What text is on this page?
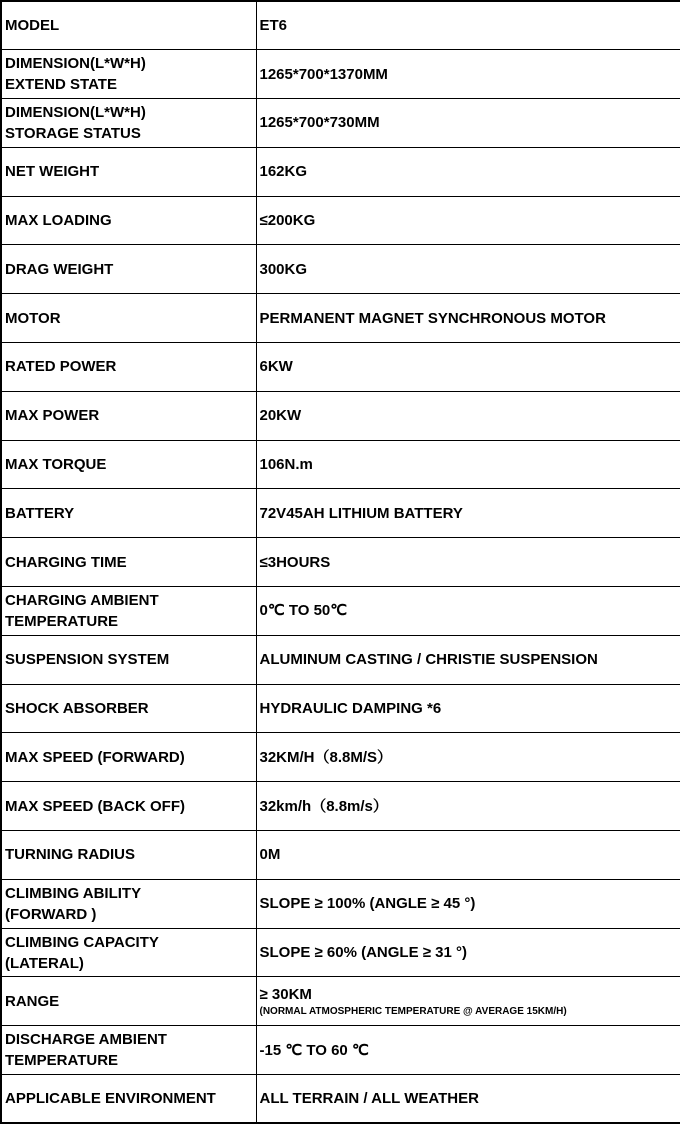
MODEL	ET6

DIMENSION(L*W*H)
EXTEND STATE	1265*700*1370MM

DIMENSION(L*W*H)
STORAGE STATUS	1265*700*730MM

NET WEIGHT	162KG

MAX LOADING	≤200KG

DRAG WEIGHT	300KG

MOTOR	PERMANENT MAGNET SYNCHRONOUS MOTOR

RATED POWER	6KW

MAX POWER	20KW

MAX TORQUE	106N.m

BATTERY	72V45AH LITHIUM BATTERY

CHARGING TIME	≤3HOURS

CHARGING AMBIENT
TEMPERATURE	0℃ TO 50℃

SUSPENSION SYSTEM	ALUMINUM CASTING / CHRISTIE SUSPENSION

SHOCK ABSORBER	HYDRAULIC DAMPING *6

MAX SPEED (FORWARD)	32KM/H（8.8M/S）

MAX SPEED (BACK OFF)	32km/h（8.8m/s）

TURNING RADIUS	0M

CLIMBING ABILITY
(FORWARD )	SLOPE ≥ 100% (ANGLE ≥ 45 °)

CLIMBING CAPACITY
(LATERAL)	SLOPE ≥ 60% (ANGLE ≥ 31 °)

RANGE	≥ 30KM
(NORMAL ATMOSPHERIC TEMPERATURE @ AVERAGE 15KM/H)

DISCHARGE AMBIENT
TEMPERATURE	-15 ℃ TO 60 ℃

APPLICABLE ENVIRONMENT	ALL TERRAIN / ALL WEATHER
